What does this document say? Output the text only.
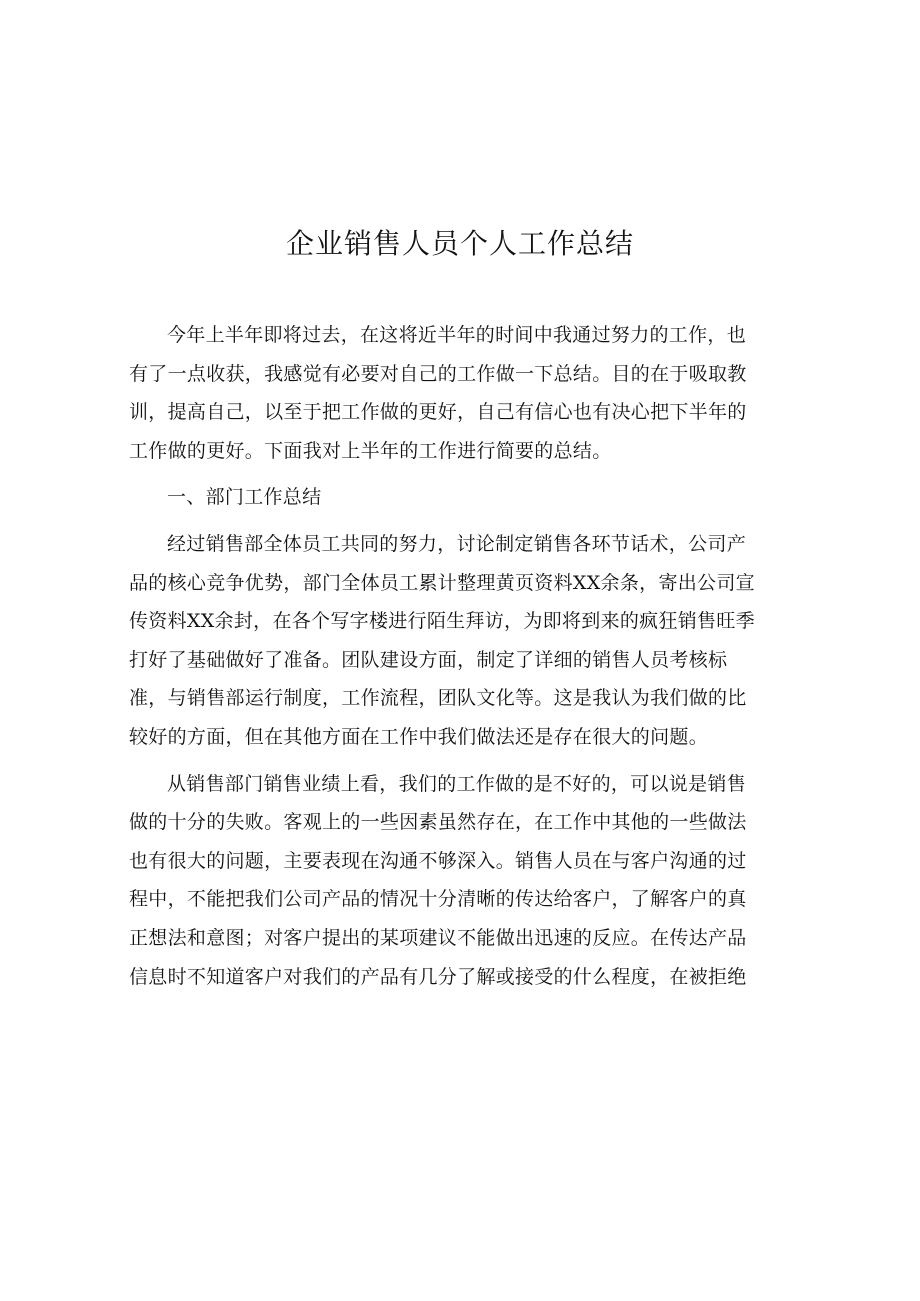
企业销售人员个人工作总结

今年上半年即将过去，在这将近半年的时间中我通过努力的工作，也
有了一点收获，我感觉有必要对自己的工作做一下总结。目的在于吸取教
训，提高自己，以至于把工作做的更好，自己有信心也有决心把下半年的
工作做的更好。下面我对上半年的工作进行简要的总结。

一、部门工作总结

经过销售部全体员工共同的努力，讨论制定销售各环节话术，公司产
品的核心竞争优势，部门全体员工累计整理黄页资料XX余条，寄出公司宣
传资料XX余封，在各个写字楼进行陌生拜访，为即将到来的疯狂销售旺季
打好了基础做好了准备。团队建设方面，制定了详细的销售人员考核标
准，与销售部运行制度，工作流程，团队文化等。这是我认为我们做的比
较好的方面，但在其他方面在工作中我们做法还是存在很大的问题。

从销售部门销售业绩上看，我们的工作做的是不好的，可以说是销售
做的十分的失败。客观上的一些因素虽然存在，在工作中其他的一些做法
也有很大的问题，主要表现在沟通不够深入。销售人员在与客户沟通的过
程中，不能把我们公司产品的情况十分清晰的传达给客户，了解客户的真
正想法和意图；对客户提出的某项建议不能做出迅速的反应。在传达产品
信息时不知道客户对我们的产品有几分了解或接受的什么程度，在被拒绝
